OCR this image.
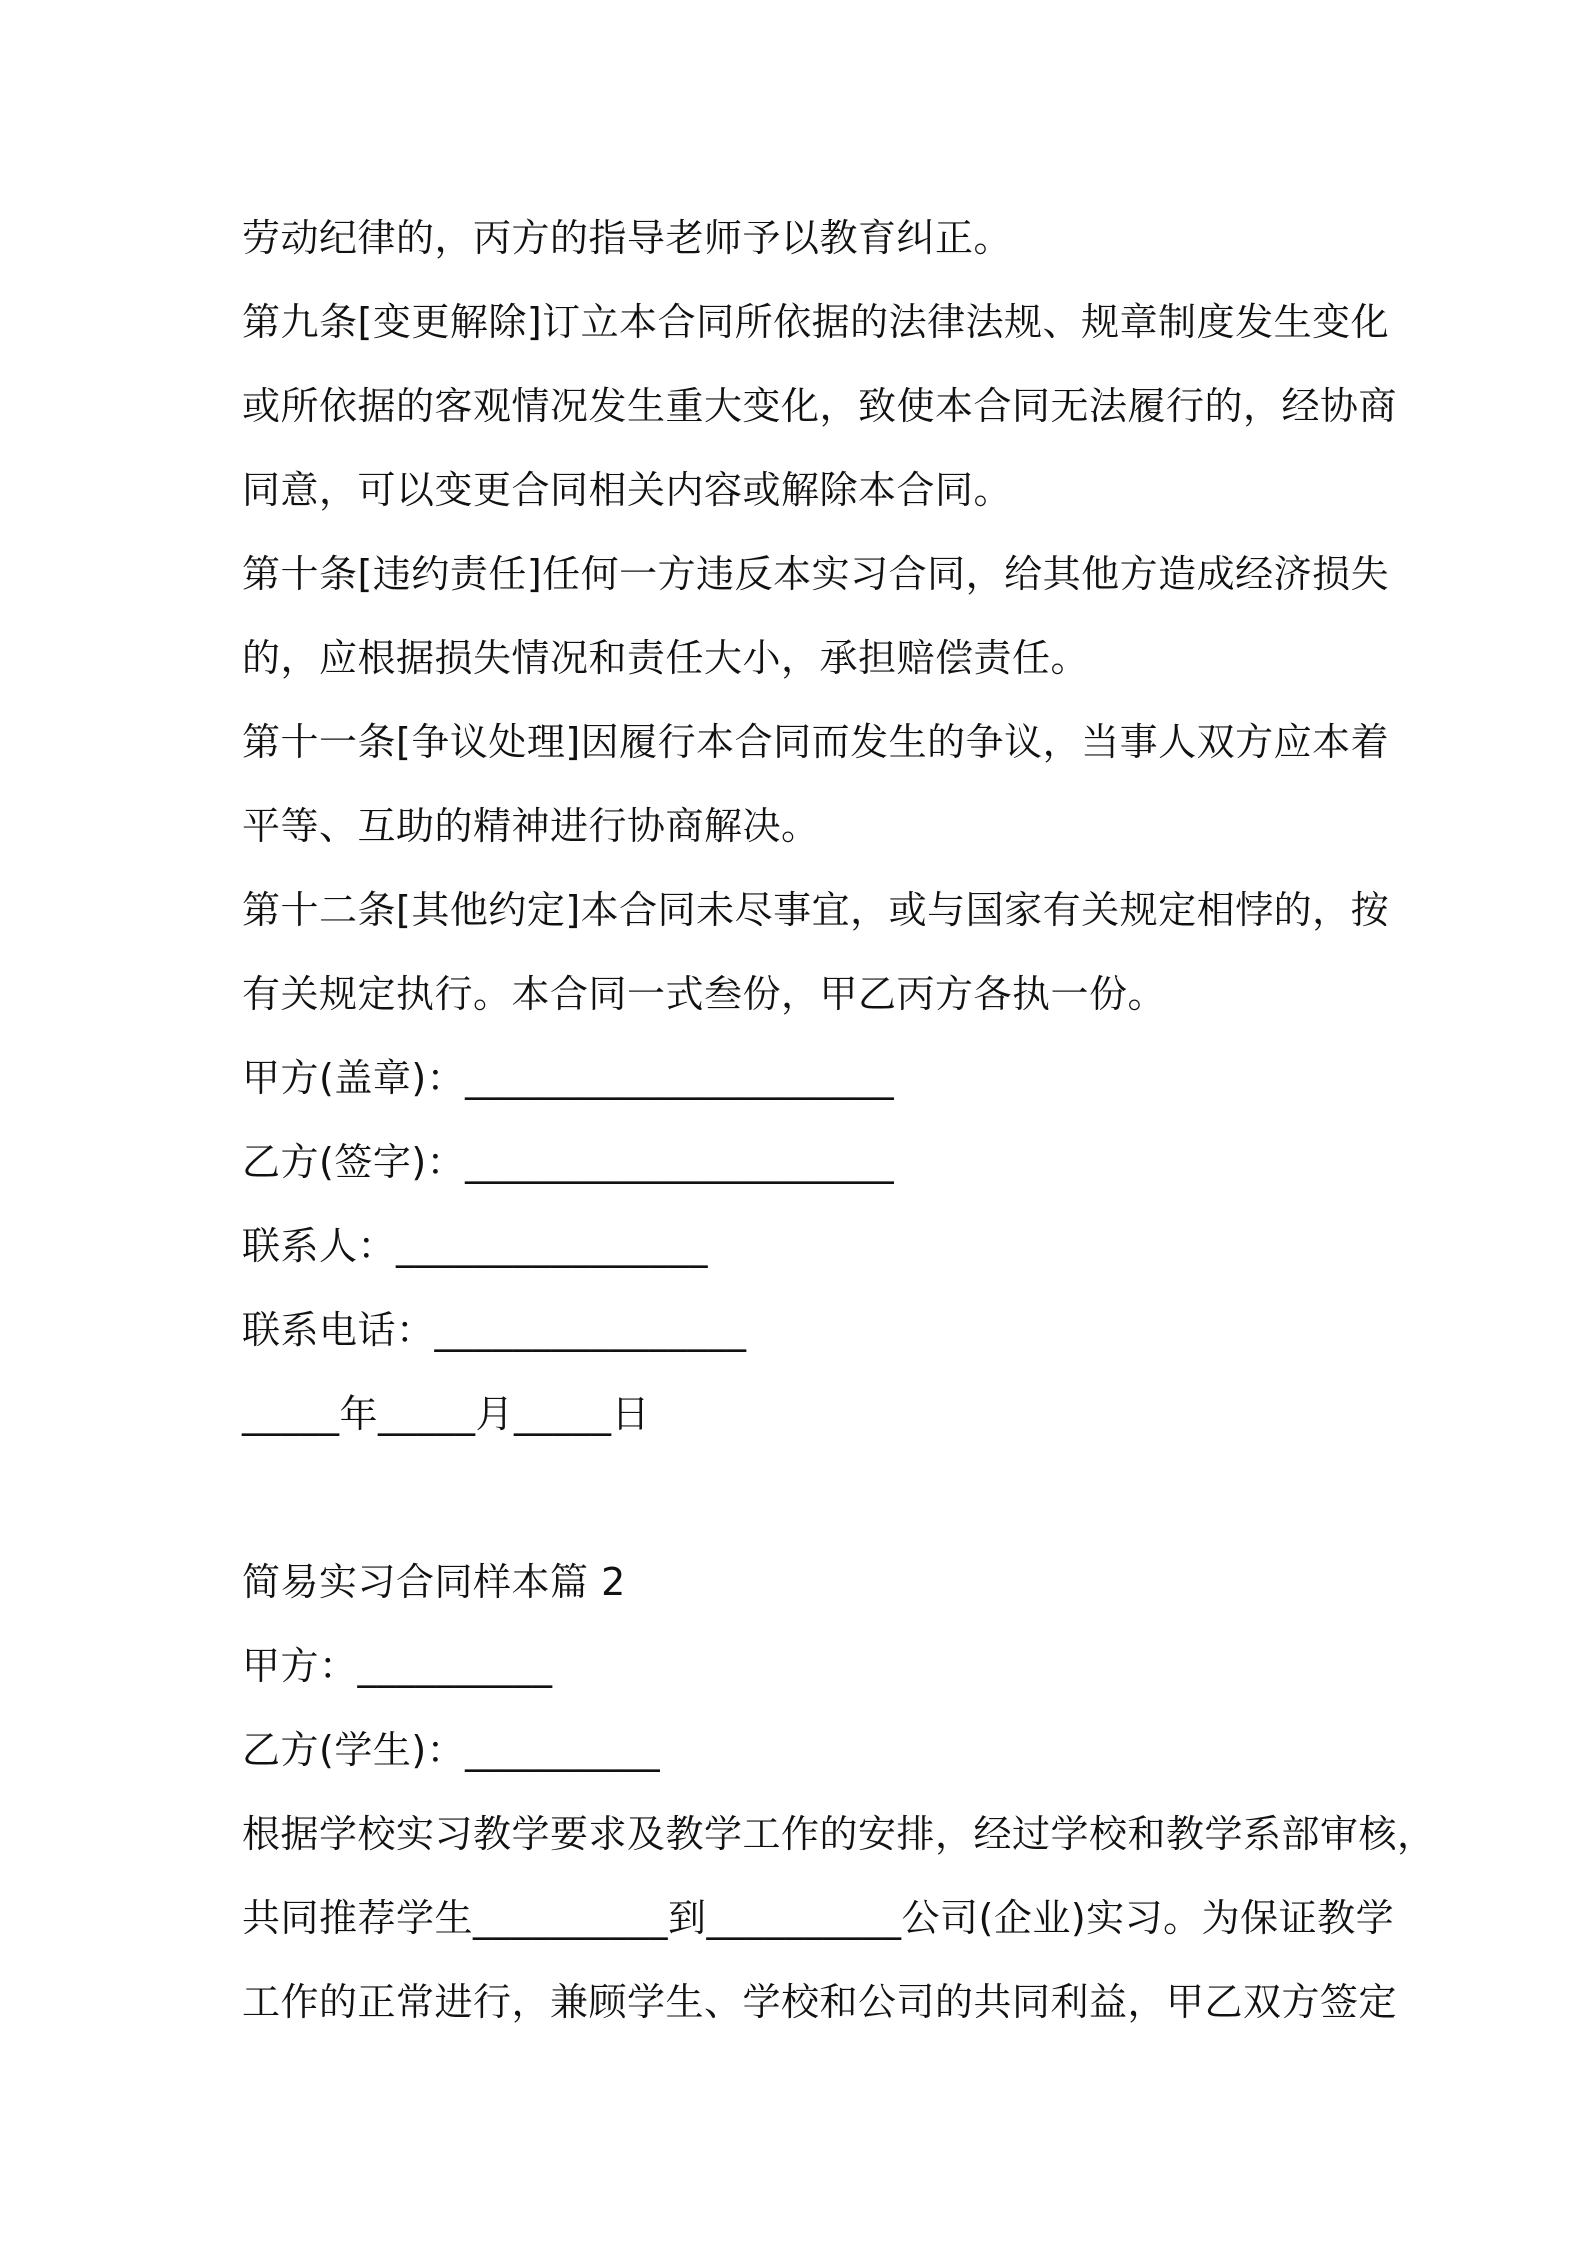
劳动纪律的，丙方的指导老师予以教育纠正。
第九条[变更解除]订立本合同所依据的法律法规、规章制度发生变化
或所依据的客观情况发生重大变化，致使本合同无法履行的，经协商
同意，可以变更合同相关内容或解除本合同。
第十条[违约责任]任何一方违反本实习合同，给其他方造成经济损失
的，应根据损失情况和责任大小，承担赔偿责任。
第十一条[争议处理]因履行本合同而发生的争议，当事人双方应本着
平等、互助的精神进行协商解决。
第十二条[其他约定]本合同未尽事宜，或与国家有关规定相悖的，按
有关规定执行。本合同一式叁份，甲乙丙方各执一份。
甲方(盖章)：______________________
乙方(签字)：______________________
联系人：________________
联系电话：________________
_____年_____月_____日
简易实习合同样本篇 2
甲方：__________
乙方(学生)：__________
根据学校实习教学要求及教学工作的安排，经过学校和教学系部审核，
共同推荐学生__________到__________公司(企业)实习。为保证教学
工作的正常进行，兼顾学生、学校和公司的共同利益，甲乙双方签定
